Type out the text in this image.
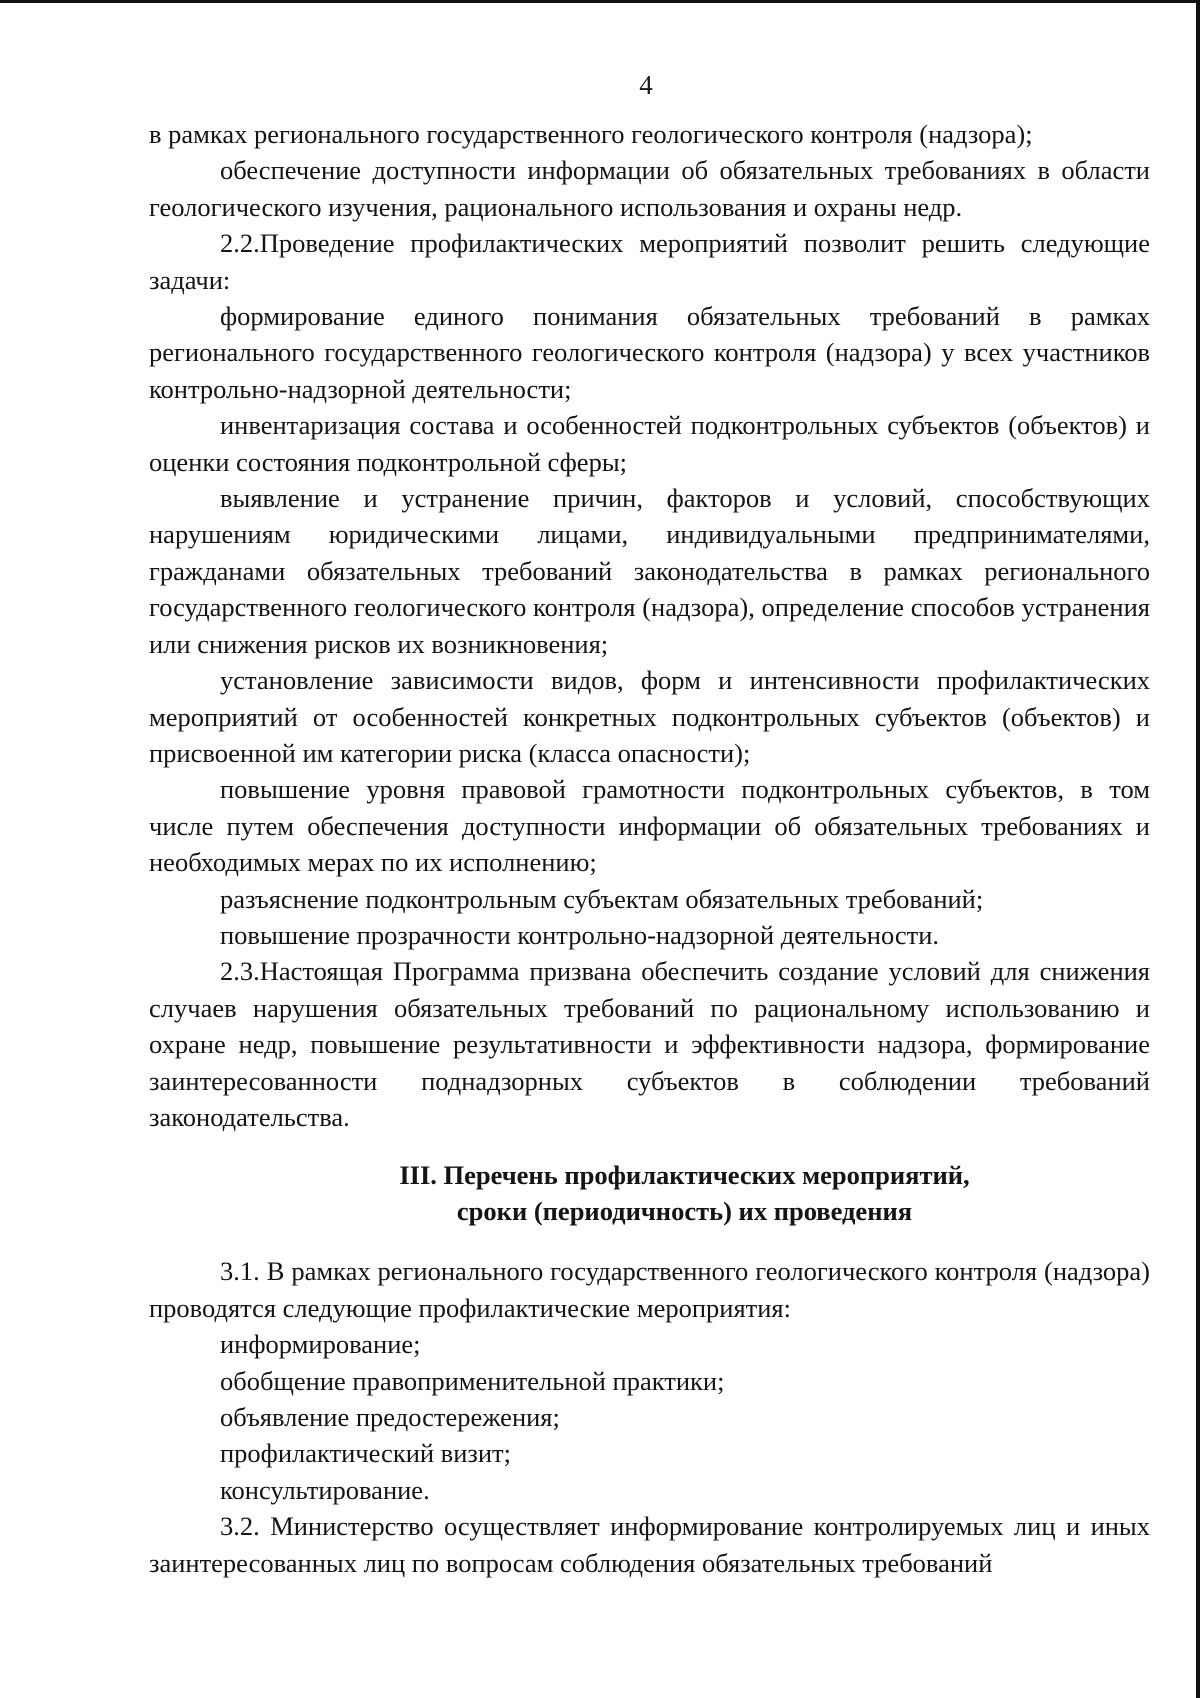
4

в рамках регионального государственного геологического контроля (надзора);

обеспечение доступности информации об обязательных требованиях в области геологического изучения, рационального использования и охраны недр.

2.2.Проведение профилактических мероприятий позволит решить следующие задачи:

формирование единого понимания обязательных требований в рамках регионального государственного геологического контроля (надзора) у всех участников контрольно-надзорной деятельности;

инвентаризация состава и особенностей подконтрольных субъектов (объектов) и оценки состояния подконтрольной сферы;

выявление и устранение причин, факторов и условий, способствующих нарушениям юридическими лицами, индивидуальными предпринимателями, гражданами обязательных требований законодательства в рамках регионального государственного геологического контроля (надзора), определение способов устранения или снижения рисков их возникновения;

установление зависимости видов, форм и интенсивности профилактических мероприятий от особенностей конкретных подконтрольных субъектов (объектов) и присвоенной им категории риска (класса опасности);

повышение уровня правовой грамотности подконтрольных субъектов, в том числе путем обеспечения доступности информации об обязательных требованиях и необходимых мерах по их исполнению;

разъяснение подконтрольным субъектам обязательных требований;

повышение прозрачности контрольно-надзорной деятельности.

2.3.Настоящая Программа призвана обеспечить создание условий для снижения случаев нарушения обязательных требований по рациональному использованию и охране недр, повышение результативности и эффективности надзора, формирование заинтересованности поднадзорных субъектов в соблюдении требований законодательства.

III. Перечень профилактических мероприятий,

сроки (периодичность) их проведения

3.1. В рамках регионального государственного геологического контроля (надзора) проводятся следующие профилактические мероприятия:

информирование;

обобщение правоприменительной практики;

объявление предостережения;

профилактический визит;

консультирование.

3.2. Министерство осуществляет информирование контролируемых лиц и иных заинтересованных лиц по вопросам соблюдения обязательных требований
